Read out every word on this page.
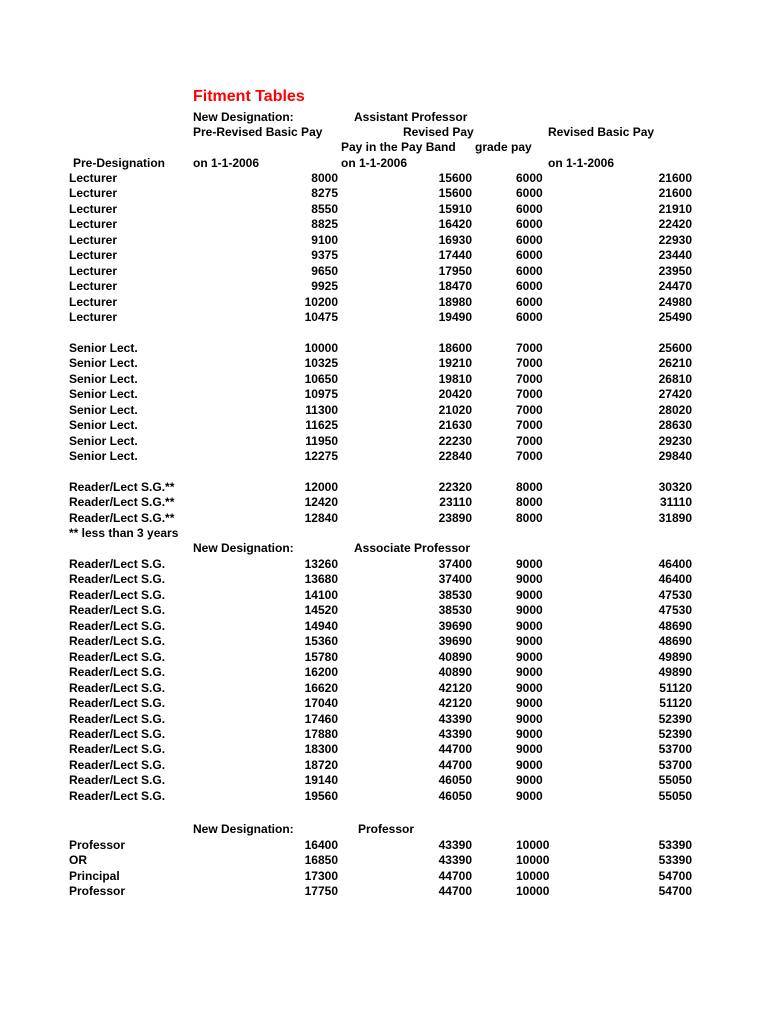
Fitment Tables
New Designation:	Assistant Professor
Pre-Revised Basic Pay	Revised Pay	Revised Basic Pay
Pay in the Pay Band grade pay
Pre-Designation on 1-1-2006	on 1-1-2006	on 1-1-2006
Lecturer	8000	15600	6000	21600
Lecturer	8275	15600	6000	21600
Lecturer	8550	15910	6000	21910
Lecturer	8825	16420	6000	22420
Lecturer	9100	16930	6000	22930
Lecturer	9375	17440	6000	23440
Lecturer	9650	17950	6000	23950
Lecturer	9925	18470	6000	24470
Lecturer	10200	18980	6000	24980
Lecturer	10475	19490	6000	25490
Senior Lect.	10000	18600	7000	25600
Senior Lect.	10325	19210	7000	26210
Senior Lect.	10650	19810	7000	26810
Senior Lect.	10975	20420	7000	27420
Senior Lect.	11300	21020	7000	28020
Senior Lect.	11625	21630	7000	28630
Senior Lect.	11950	22230	7000	29230
Senior Lect.	12275	22840	7000	29840
Reader/Lect S.G.**	12000	22320	8000	30320
Reader/Lect S.G.**	12420	23110	8000	31110
Reader/Lect S.G.**	12840	23890	8000	31890
Reader/Lect S.G.	13260	37400	9000	46400
Reader/Lect S.G.	13680	37400	9000	46400
Reader/Lect S.G.	14100	38530	9000	47530
Reader/Lect S.G.	14520	38530	9000	47530
Reader/Lect S.G.	14940	39690	9000	48690
Reader/Lect S.G.	15360	39690	9000	48690
Reader/Lect S.G.	15780	40890	9000	49890
Reader/Lect S.G.	16200	40890	9000	49890
Reader/Lect S.G.	16620	42120	9000	51120
Reader/Lect S.G.	17040	42120	9000	51120
Reader/Lect S.G.	17460	43390	9000	52390
Reader/Lect S.G.	17880	43390	9000	52390
Reader/Lect S.G.	18300	44700	9000	53700
Reader/Lect S.G.	18720	44700	9000	53700
Reader/Lect S.G.	19140	46050	9000	55050
Reader/Lect S.G.	19560	46050	9000	55050
Professor	16400	43390	10000	53390
OR	16850	43390	10000	53390
Principal	17300	44700	10000	54700
Professor	17750	44700	10000	54700
** less than 3 years
New Designation:	Associate Professor
New Designation:	Professor
